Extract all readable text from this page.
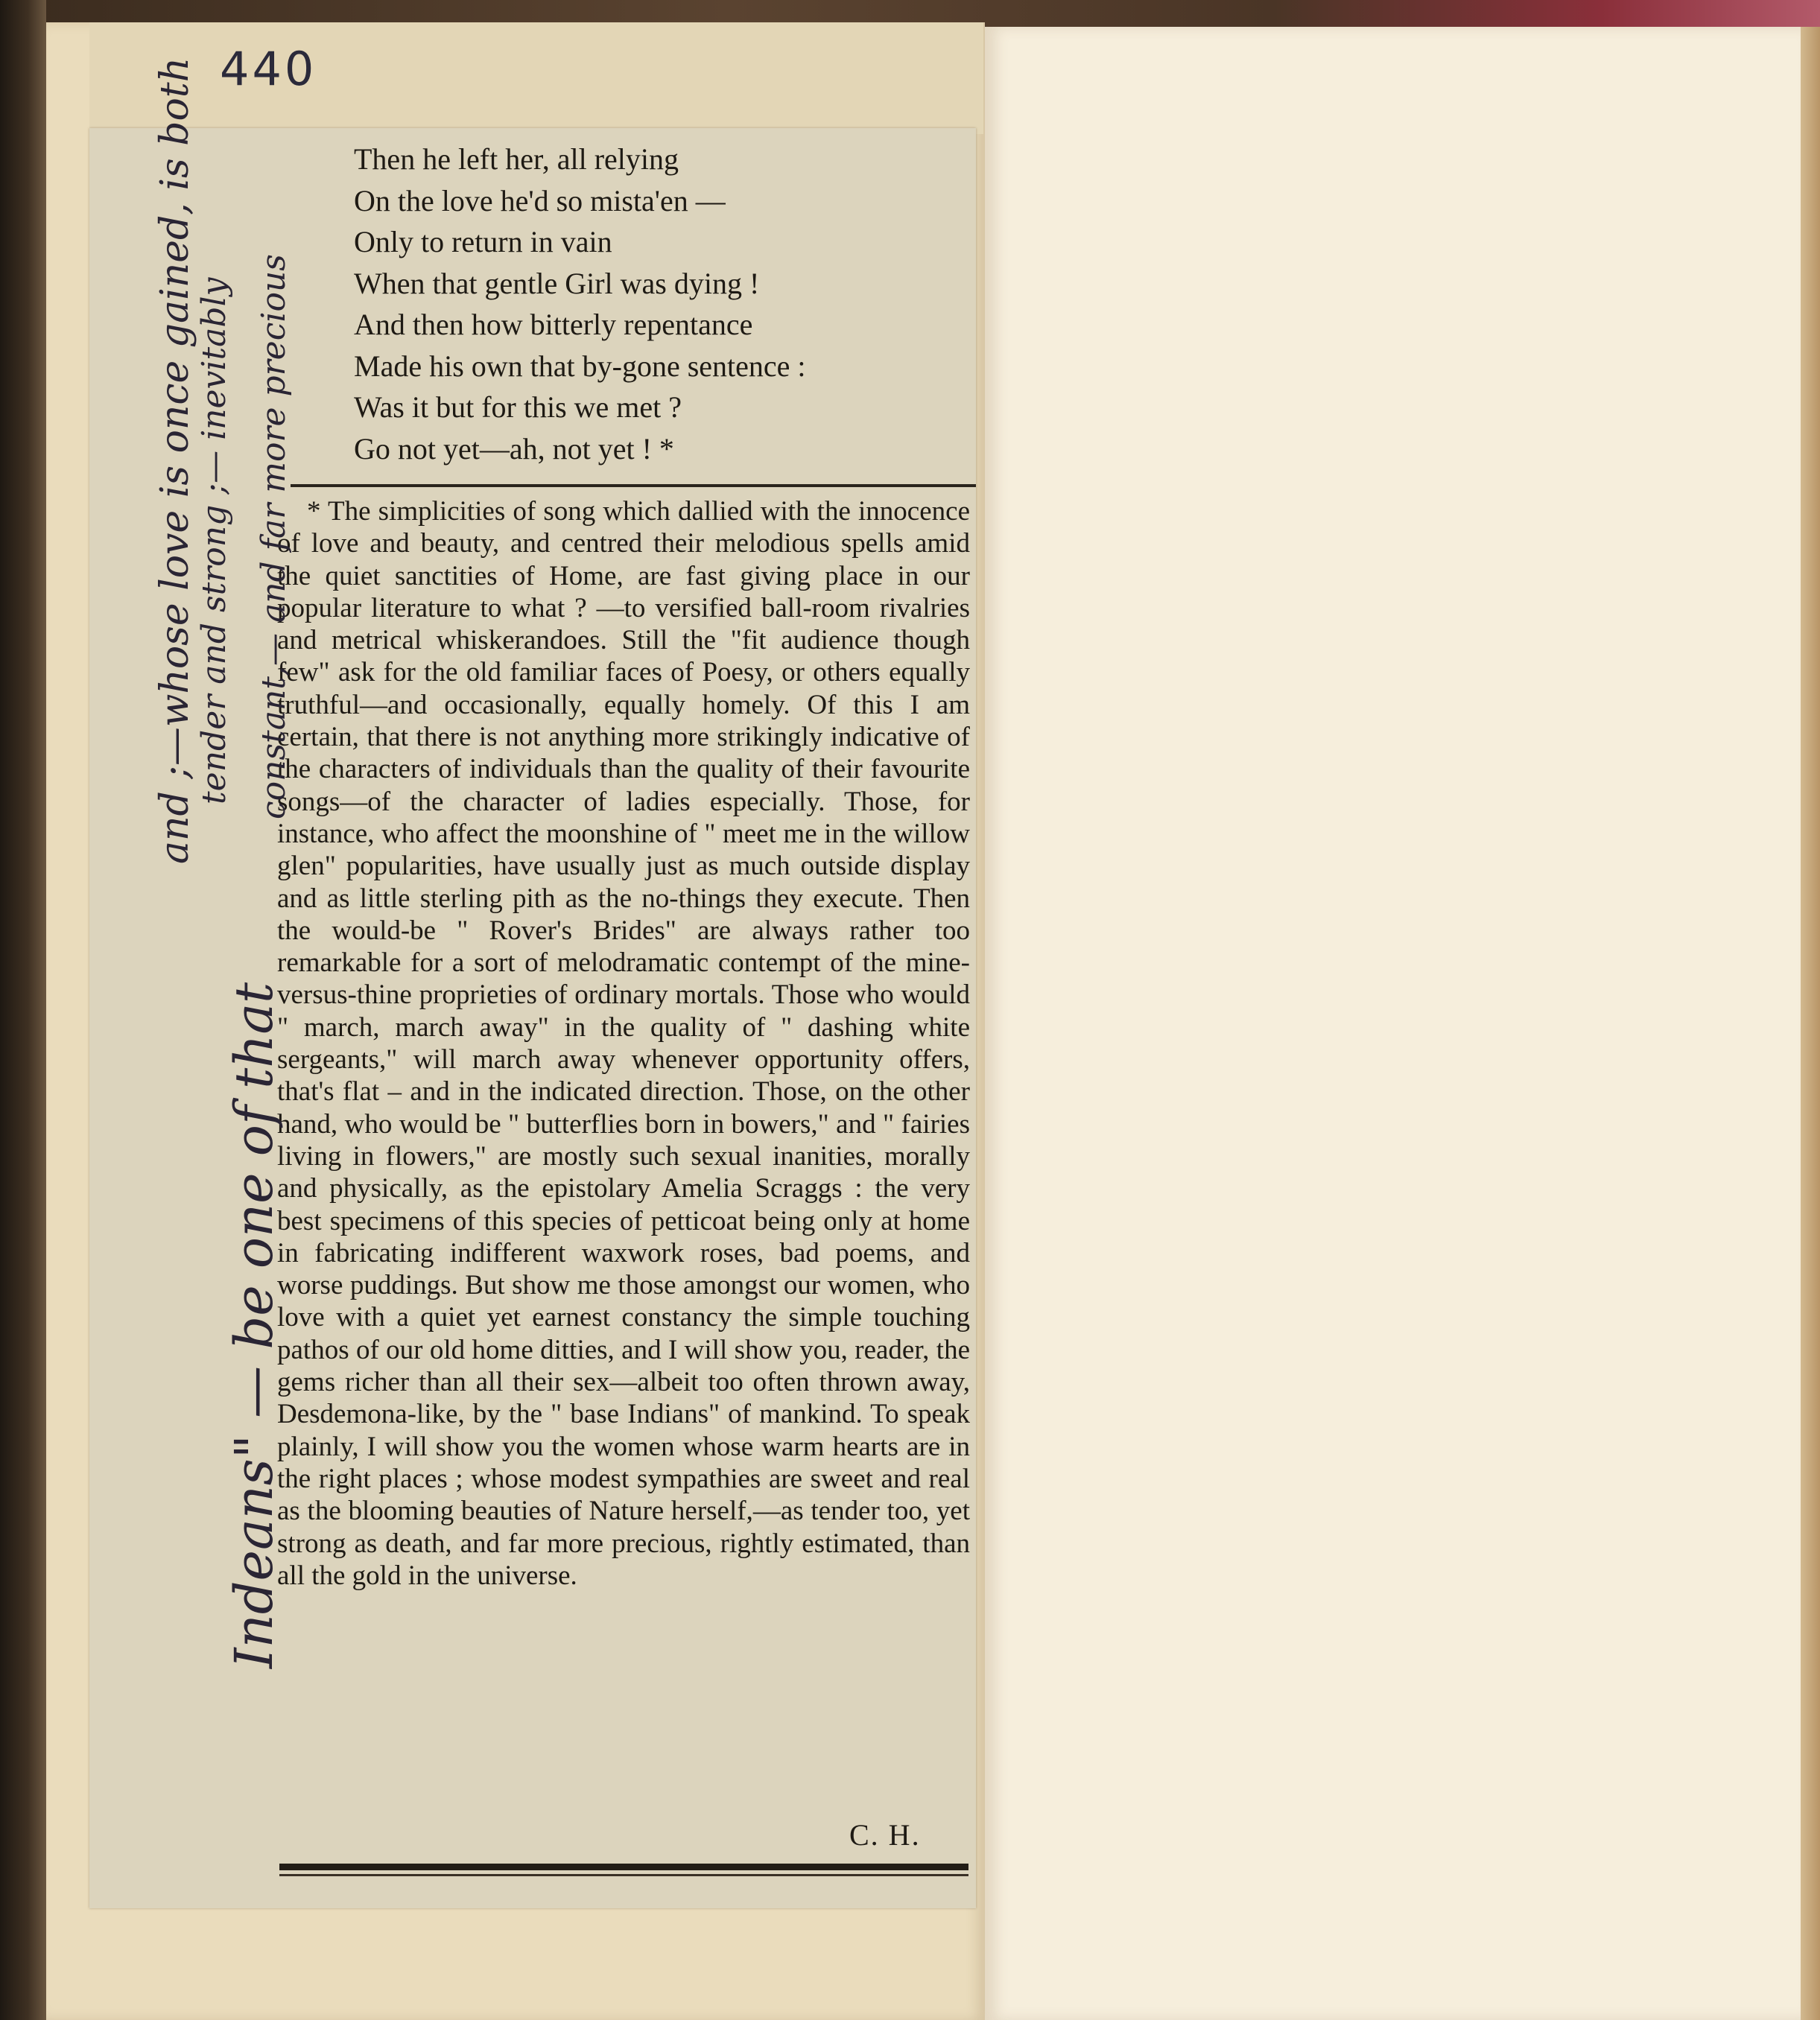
440
Then he left her, all relying
On the love he'd so mista'en —
Only to return in vain
When that gentle Girl was dying !
And then how bitterly repentance
Made his own that by-gone sentence :
Was it but for this we met ?
Go not yet—ah, not yet ! *

* The simplicities of song which dallied with the innocence of love and beauty, and centred their melodious spells amid the quiet sanctities of Home, are fast giving place in our popular literature to what ? —to versified ball-room rivalries and metrical whiskerandoes. Still the "fit audience though few" ask for the old familiar faces of Poesy, or others equally truthful—and occasionally, equally homely. Of this I am certain, that there is not anything more strikingly indicative of the characters of individuals than the quality of their favourite songs—of the character of ladies especially. Those, for instance, who affect the moonshine of " meet me in the willow glen" popularities, have usually just as much outside display and as little sterling pith as the no-things they execute. Then the would-be " Rover's Brides" are always rather too remarkable for a sort of melodramatic contempt of the mine-versus-thine proprieties of ordinary mortals. Those who would " march, march away" in the quality of " dashing white sergeants," will march away whenever opportunity offers, that's flat – and in the indicated direction. Those, on the other hand, who would be " butterflies born in bowers," and " fairies living in flowers," are mostly such sexual inanities, morally and physically, as the epistolary Amelia Scraggs : the very best specimens of this species of petticoat being only at home in fabricating indifferent waxwork roses, bad poems, and worse puddings. But show me those amongst our women, who love with a quiet yet earnest constancy the simple touching pathos of our old home ditties, and I will show you, reader, the gems richer than all their sex—albeit too often thrown away, Desdemona-like, by the " base Indians" of mankind. To speak plainly, I will show you the women whose warm hearts are in the right places ; whose modest sympathies are sweet and real as the blooming beauties of Nature herself,—as tender too, yet strong as death, and far more precious, rightly estimated, than all the gold in the universe.

C. H.
and ;—whose love is once gained, is both
Indeans" — be one of that
tender and strong ;— inevitably constant,— and far more precious
